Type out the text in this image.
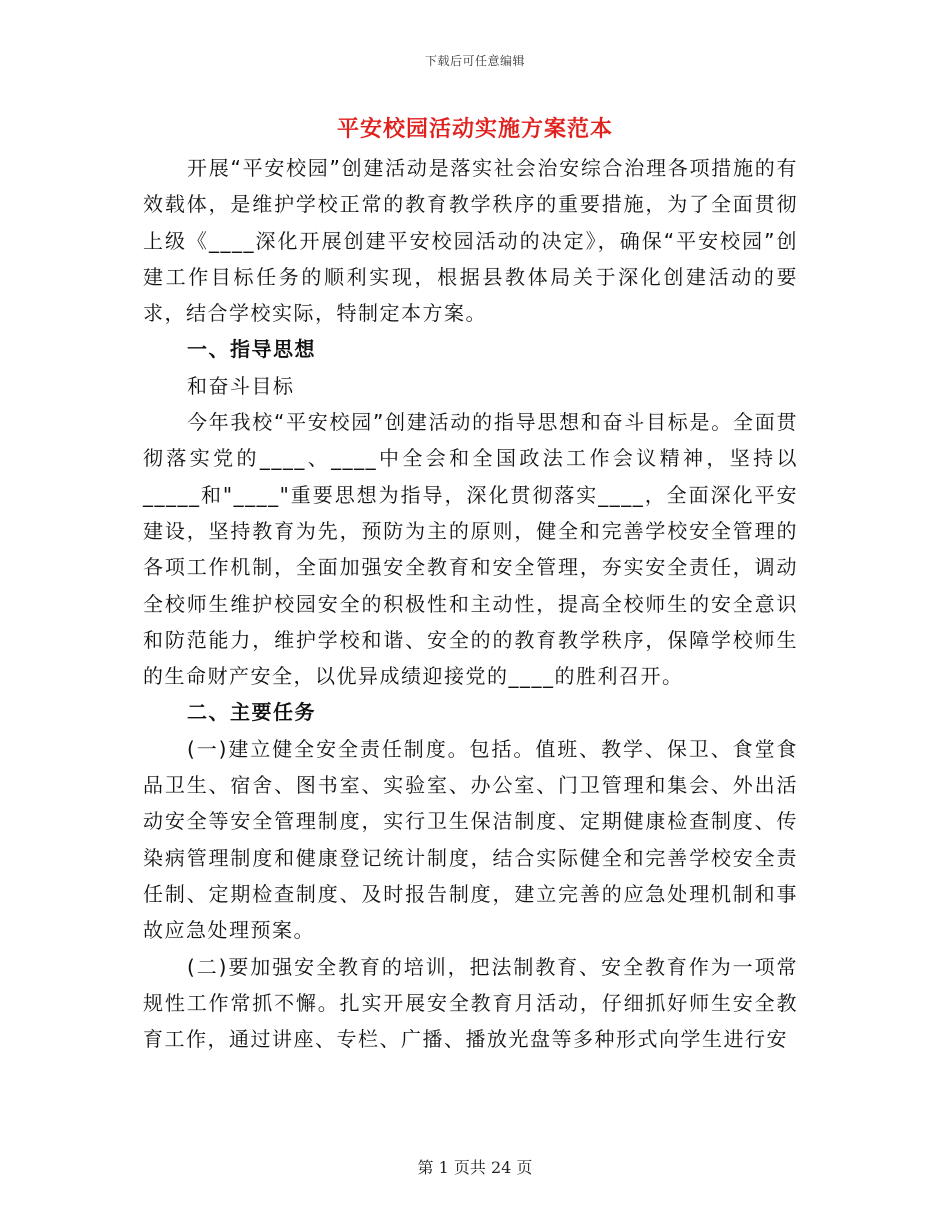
下载后可任意编辑
平安校园活动实施方案范本

开展“平安校园”创建活动是落实社会治安综合治理各项措施的有效载体，是维护学校正常的教育教学秩序的重要措施，为了全面贯彻上级《____深化开展创建平安校园活动的决定》，确保“平安校园”创建工作目标任务的顺利实现，根据县教体局关于深化创建活动的要求，结合学校实际，特制定本方案。

一、指导思想

和奋斗目标

今年我校“平安校园”创建活动的指导思想和奋斗目标是。全面贯彻落实党的____、____中全会和全国政法工作会议精神，坚持以_____和"____"重要思想为指导，深化贯彻落实____，全面深化平安建设，坚持教育为先，预防为主的原则，健全和完善学校安全管理的各项工作机制，全面加强安全教育和安全管理，夯实安全责任，调动全校师生维护校园安全的积极性和主动性，提高全校师生的安全意识和防范能力，维护学校和谐、安全的的教育教学秩序，保障学校师生的生命财产安全，以优异成绩迎接党的____的胜利召开。

二、主要任务

(一)建立健全安全责任制度。包括。值班、教学、保卫、食堂食品卫生、宿舍、图书室、实验室、办公室、门卫管理和集会、外出活动安全等安全管理制度，实行卫生保洁制度、定期健康检查制度、传染病管理制度和健康登记统计制度，结合实际健全和完善学校安全责任制、定期检查制度、及时报告制度，建立完善的应急处理机制和事故应急处理预案。

(二)要加强安全教育的培训，把法制教育、安全教育作为一项常规性工作常抓不懈。扎实开展安全教育月活动，仔细抓好师生安全教育工作，通过讲座、专栏、广播、播放光盘等多种形式向学生进行安

第 1 页共 24 页
